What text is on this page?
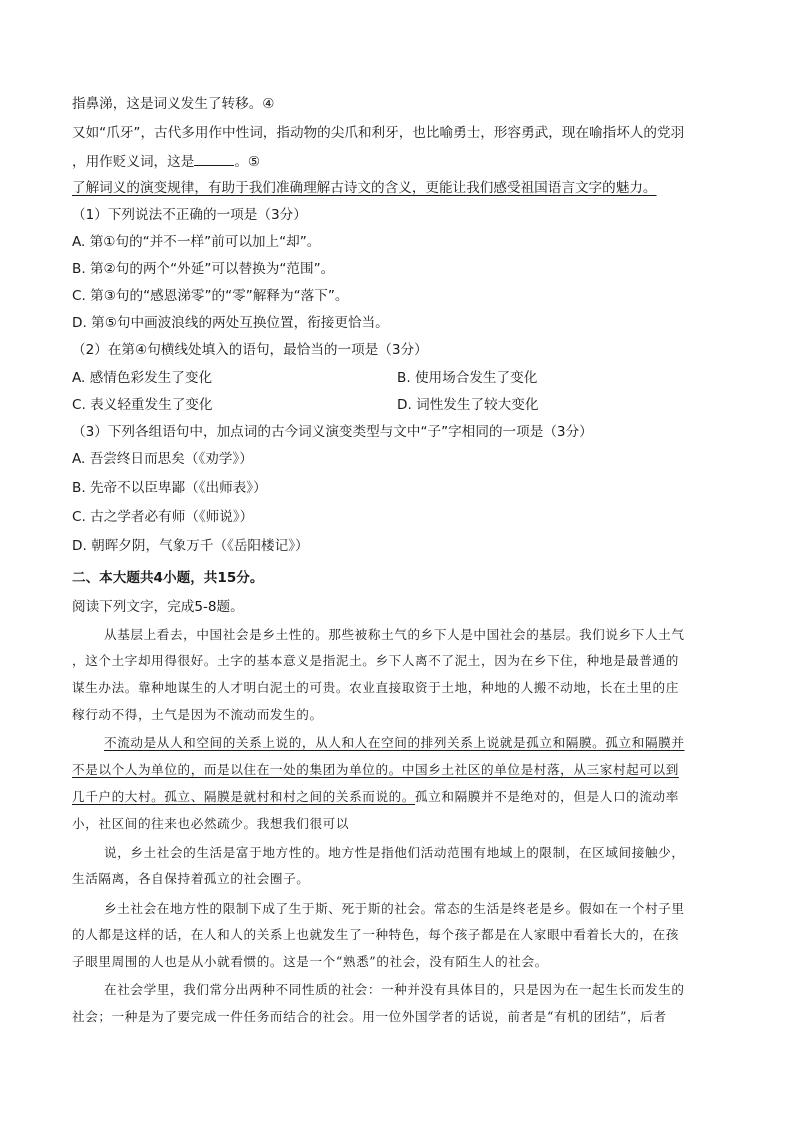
指鼻涕，这是词义发生了转移。④
又如“爪牙”，古代多用作中性词，指动物的尖爪和利牙，也比喻勇士，形容勇武，现在喻指坏人的党羽
，用作贬义词，这是	。⑤
了解词义的演变规律，有助于我们准确理解古诗文的含义，更能让我们感受祖国语言文字的魅力。
（1）下列说法不正确的一项是（3分）
A. 第①句的“并不一样”前可以加上“却”。
B. 第②句的两个“外延”可以替换为“范围”。
C. 第③句的“感恩涕零”的“零”解释为“落下”。
D. 第⑤句中画波浪线的两处互换位置，衔接更恰当。
（2）在第④句横线处填入的语句，最恰当的一项是（3分）
A. 感情色彩发生了变化	B. 使用场合发生了变化
C. 表义轻重发生了变化	D. 词性发生了较大变化
（3）下列各组语句中，加点词的古今词义演变类型与文中“子”字相同的一项是（3分）
A. 吾尝终日而思矣（《劝学》）
B. 先帝不以臣卑鄙（《出师表》）
C. 古之学者必有师（《师说》）
D. 朝晖夕阴，气象万千（《岳阳楼记》）
二、本大题共4小题，共15分。
阅读下列文字，完成5-8题。
从基层上看去，中国社会是乡土性的。那些被称土气的乡下人是中国社会的基层。我们说乡下人土气
，这个土字却用得很好。土字的基本意义是指泥土。乡下人离不了泥土，因为在乡下住，种地是最普通的
谋生办法。靠种地谋生的人才明白泥土的可贵。农业直接取资于土地，种地的人搬不动地，长在土里的庄
稼行动不得，土气是因为不流动而发生的。
不流动是从人和空间的关系上说的，从人和人在空间的排列关系上说就是孤立和隔膜。孤立和隔膜并
不是以个人为单位的，而是以住在一处的集团为单位的。中国乡土社区的单位是村落，从三家村起可以到
几千户的大村。孤立、隔膜是就村和村之间的关系而说的。孤立和隔膜并不是绝对的，但是人口的流动率
小，社区间的往来也必然疏少。我想我们很可以
说，乡土社会的生活是富于地方性的。地方性是指他们活动范围有地域上的限制，在区域间接触少，
生活隔离，各自保持着孤立的社会圈子。
乡土社会在地方性的限制下成了生于斯、死于斯的社会。常态的生活是终老是乡。假如在一个村子里
的人都是这样的话，在人和人的关系上也就发生了一种特色，每个孩子都是在人家眼中看着长大的，在孩
子眼里周围的人也是从小就看惯的。这是一个“熟悉”的社会，没有陌生人的社会。
在社会学里，我们常分出两种不同性质的社会：一种并没有具体目的，只是因为在一起生长而发生的
社会；一种是为了要完成一件任务而结合的社会。用一位外国学者的话说，前者是“有机的团结”，后者
